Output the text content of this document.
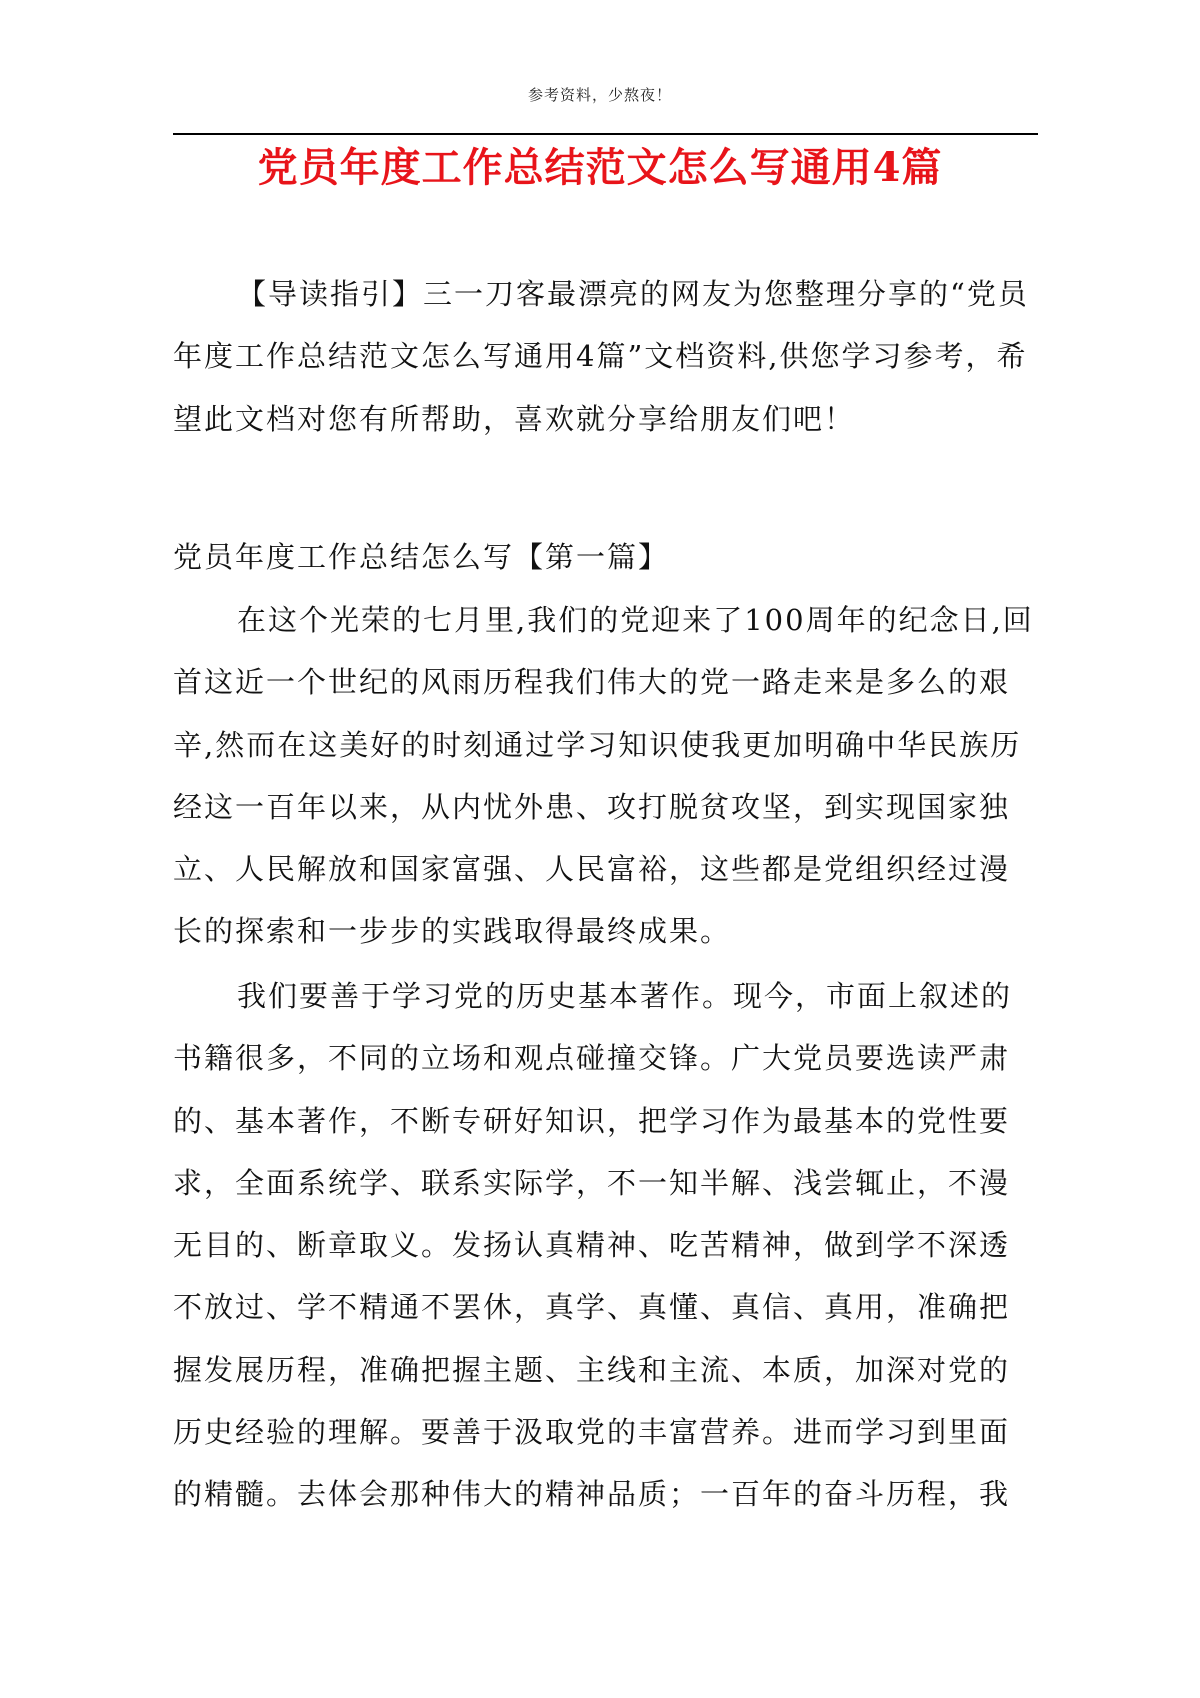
参考资料，少熬夜！
党员年度工作总结范文怎么写通用4篇

【导读指引】三一刀客最漂亮的网友为您整理分享的“党员年度工作总结范文怎么写通用4篇”文档资料,供您学习参考，希望此文档对您有所帮助，喜欢就分享给朋友们吧！

党员年度工作总结怎么写【第一篇】

在这个光荣的七月里,我们的党迎来了100周年的纪念日,回首这近一个世纪的风雨历程我们伟大的党一路走来是多么的艰辛,然而在这美好的时刻通过学习知识使我更加明确中华民族历经这一百年以来，从内忧外患、攻打脱贫攻坚，到实现国家独立、人民解放和国家富强、人民富裕，这些都是党组织经过漫长的探索和一步步的实践取得最终成果。

我们要善于学习党的历史基本著作。现今，市面上叙述的书籍很多，不同的立场和观点碰撞交锋。广大党员要选读严肃的、基本著作，不断专研好知识，把学习作为最基本的党性要求，全面系统学、联系实际学，不一知半解、浅尝辄止，不漫无目的、断章取义。发扬认真精神、吃苦精神，做到学不深透不放过、学不精通不罢休，真学、真懂、真信、真用，准确把握发展历程，准确把握主题、主线和主流、本质，加深对党的历史经验的理解。要善于汲取党的丰富营养。进而学习到里面的精髓。去体会那种伟大的精神品质；一百年的奋斗历程，我
